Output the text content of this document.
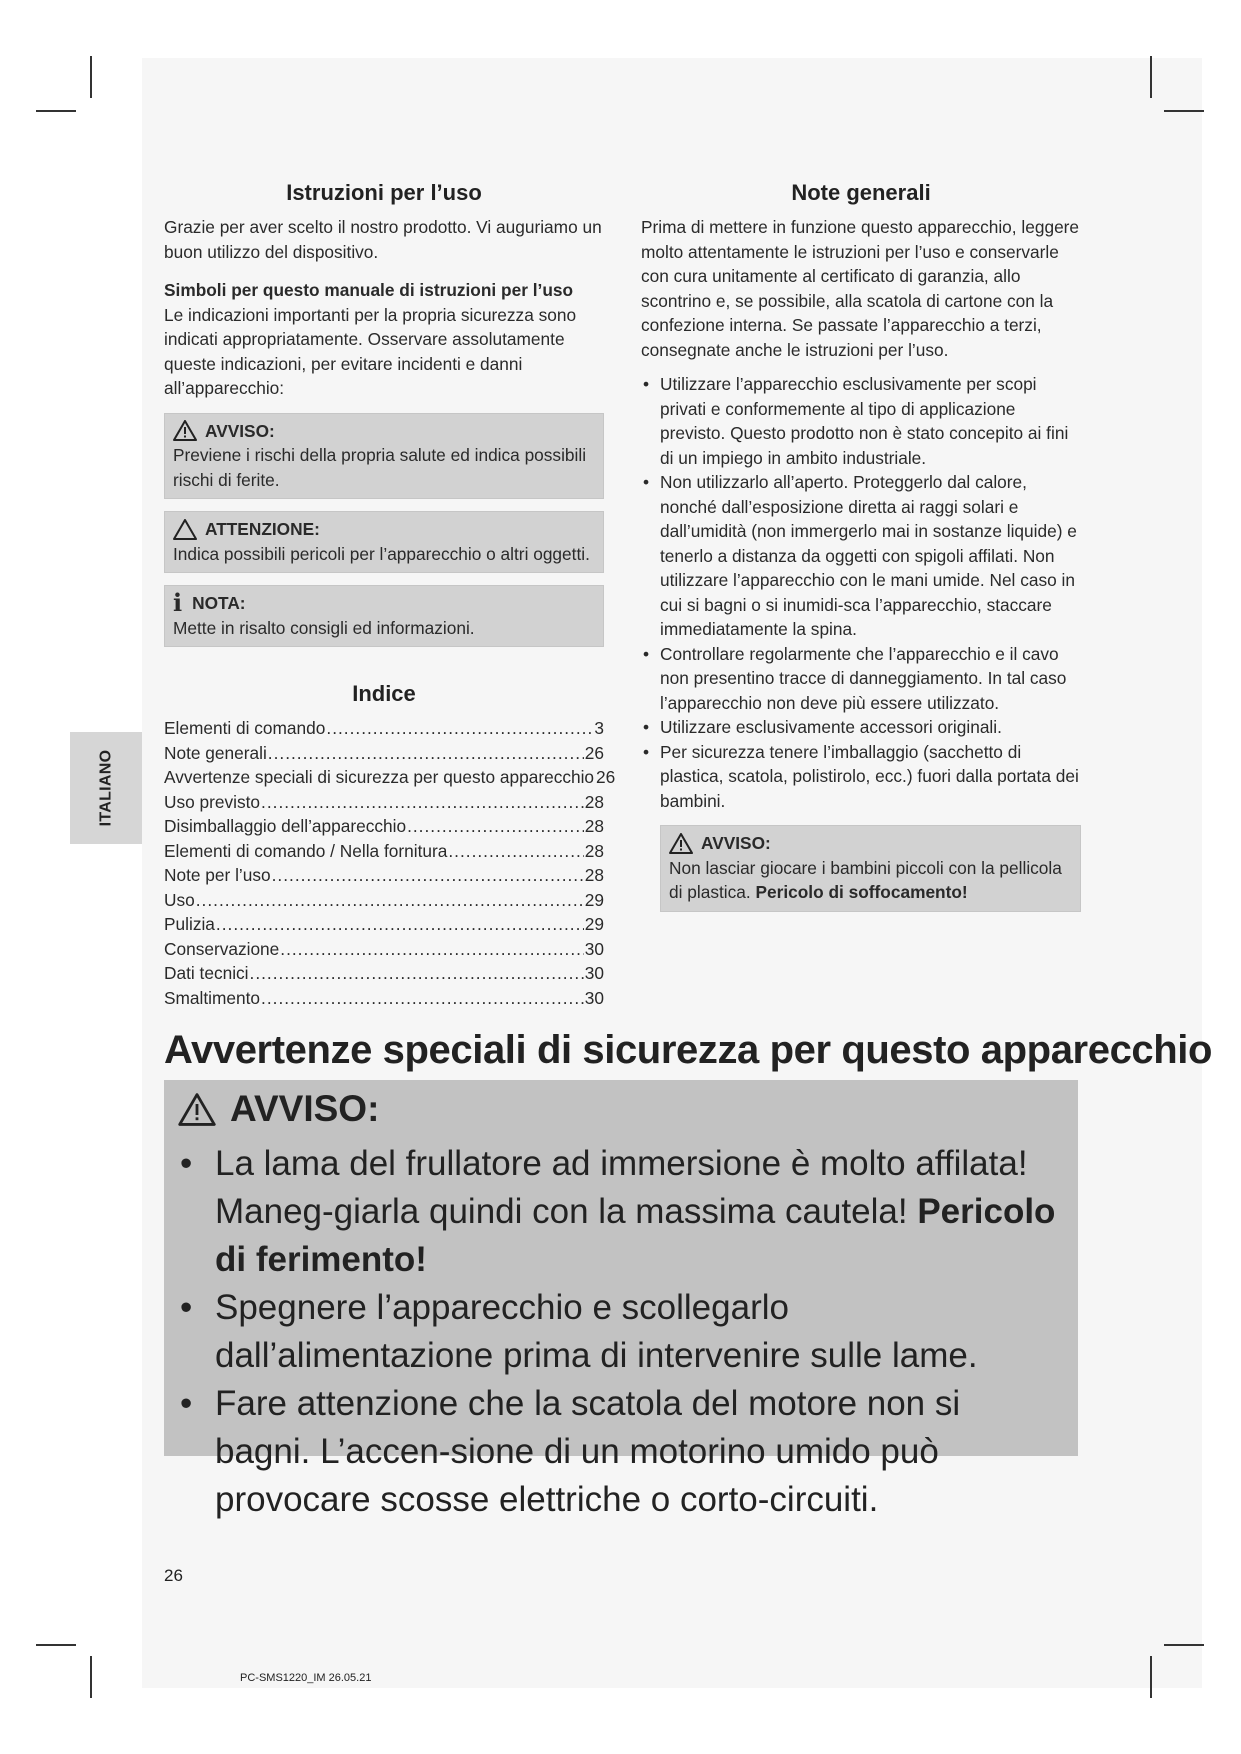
ITALIANO
Istruzioni per l’uso

Grazie per aver scelto il nostro prodotto. Vi auguriamo un buon utilizzo del dispositivo.

Simboli per questo manuale di istruzioni per l’uso

Le indicazioni importanti per la propria sicurezza sono indicati appropriatamente. Osservare assolutamente queste indicazioni, per evitare incidenti e danni all’apparecchio:

AVVISO:

Previene i rischi della propria salute ed indica possibili rischi di ferite.

ATTENZIONE:

Indica possibili pericoli per l’apparecchio o altri oggetti.

i NOTA:

Mette in risalto consigli ed informazioni.

Indice
Elementi di comando .....	3
Note generali .....	26
Avvertenze speciali di sicurezza per questo apparecchio 26
Uso previsto .....	28
Disimballaggio dell’apparecchio .....	28
Elementi di comando / Nella fornitura .....	28
Note per l’uso .....	28
Uso .....	29
Pulizia .....	29
Conservazione .....	30
Dati tecnici .....	30
Smaltimento .....	30
Note generali

Prima di mettere in funzione questo apparecchio, leggere molto attentamente le istruzioni per l’uso e conservarle con cura unitamente al certificato di garanzia, allo scontrino e, se possibile, alla scatola di cartone con la confezione interna. Se passate l’apparecchio a terzi, consegnate anche le istruzioni per l’uso.

• Utilizzare l’apparecchio esclusivamente per scopi privati e conformemente al tipo di applicazione previsto. Questo prodotto non è stato concepito ai fini di un impiego in ambito industriale.
• Non utilizzarlo all’aperto. Proteggerlo dal calore, nonché dall’esposizione diretta ai raggi solari e dall’umidità (non immergerlo mai in sostanze liquide) e tenerlo a distanza da oggetti con spigoli affilati. Non utilizzare l’apparecchio con le mani umide. Nel caso in cui si bagni o si inumidi-sca l’apparecchio, staccare immediatamente la spina.
• Controllare regolarmente che l’apparecchio e il cavo non presentino tracce di danneggiamento. In tal caso l’apparecchio non deve più essere utilizzato.
• Utilizzare esclusivamente accessori originali.
• Per sicurezza tenere l’imballaggio (sacchetto di plastica, scatola, polistirolo, ecc.) fuori dalla portata dei bambini.
AVVISO:

Non lasciar giocare i bambini piccoli con la pellicola di plastica. Pericolo di soffocamento!

Avvertenze speciali di sicurezza per questo apparecchio
AVVISO:
• La lama del frullatore ad immersione è molto affilata! Maneg-giarla quindi con la massima cautela! Pericolo di ferimento!
• Spegnere l’apparecchio e scollegarlo dall’alimentazione prima di intervenire sulle lame.
• Fare attenzione che la scatola del motore non si bagni. L’accen-sione di un motorino umido può provocare scosse elettriche o corto-circuiti.
26
PC-SMS1220_IM 26.05.21
